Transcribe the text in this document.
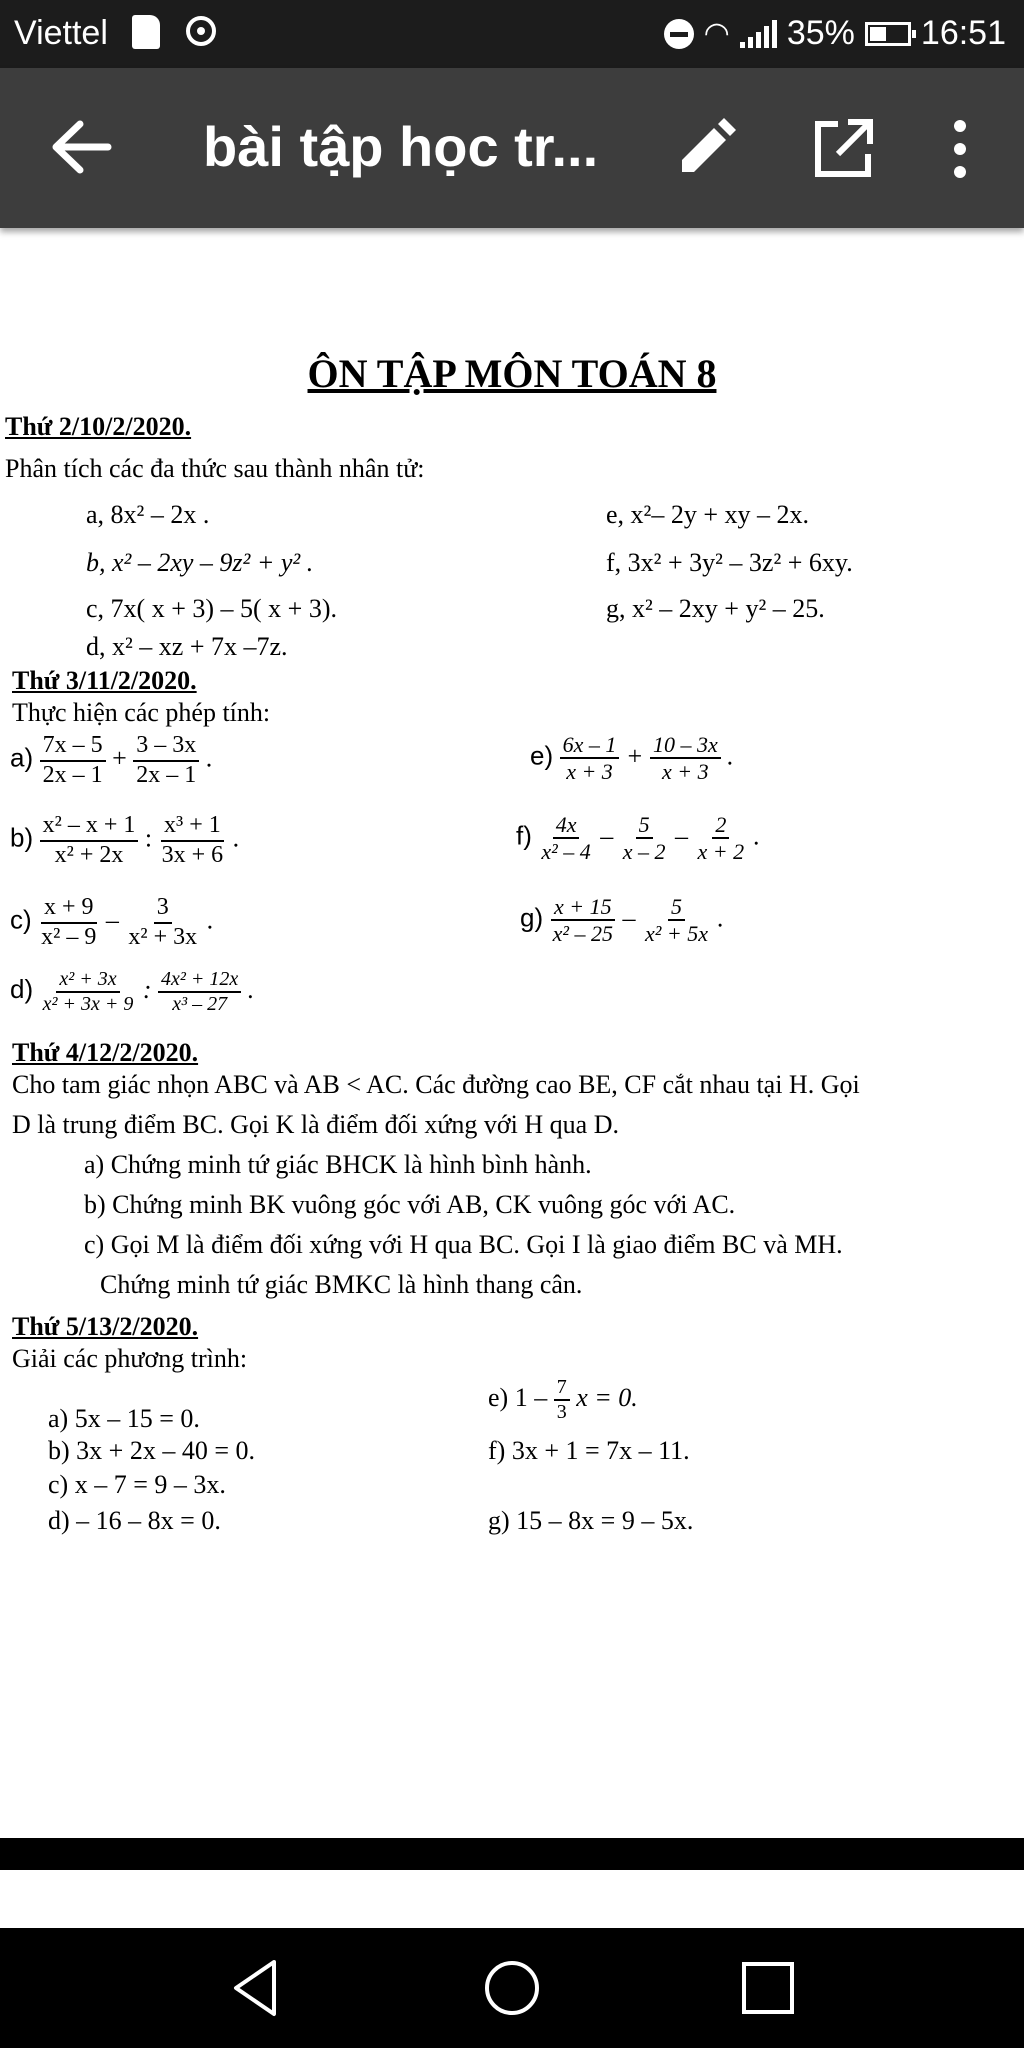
Viettel	◠ 35% 16:51
bài tập học tr...
ÔN TẬP MÔN TOÁN 8
Thứ 2/10/2/2020.
Phân tích các đa thức sau thành nhân tử:
a, 8x² – 2x .
b, x² – 2xy – 9z² + y² .
c, 7x( x + 3) – 5( x + 3).
d, x² – xz + 7x –7z.
e, x²– 2y + xy – 2x.
f, 3x² + 3y² – 3z² + 6xy.
g, x² – 2xy + y² – 25.
Thứ 3/11/2/2020.
Thực hiện các phép tính:
$a) \frac{7x - 5}{2x - 1} + \frac{3 - 3x}{2x - 1}$ .
$b) \frac{\text{x² – x + 1}}{\text{x² + 2x}}$ : $\frac{\text{x³ + 1}}{3x + 6}$ .
$c) \frac{x + 9}{\text{x² – 9}} - \frac{3}{\text{x² + 3x}}$ .
$d) \frac{\text{x² + 3x}}{\text{x² + 3x + 9}}$ : $\frac{\text{4x² + 12x}}{\text{x³ – 27}}$ .
$e) \frac{6x - 1}{x + 3} + \frac{10 - 3x}{x + 3}$ .
$f) \frac{4x}{\text{x² – 4}} - \frac{5}{x - 2} - \frac{2}{x + 2}$ .
$g) \frac{x + 15}{\text{x² – 25}} - \frac{5}{\text{x² + 5x}}$ .
Thứ 4/12/2/2020.
Cho tam giác nhọn ABC và AB < AC. Các đường cao BE, CF cắt nhau tại H. Gọi
D là trung điểm BC. Gọi K là điểm đối xứng với H qua D.
a) Chứng minh tứ giác BHCK là hình bình hành.
b) Chứng minh BK vuông góc với AB, CK vuông góc với AC.
c) Gọi M là điểm đối xứng với H qua BC. Gọi I là giao điểm BC và MH.
Chứng minh tứ giác BMKC là hình thang cân.
Thứ 5/13/2/2020.
Giải các phương trình:
a) 5x – 15 = 0.
b) 3x + 2x – 40 = 0.
c) x – 7 = 9 – 3x.
d) – 16 – 8x = 0.
e) $1 - \frac{7}{3}$ x = 0.
f) 3x + 1 = 7x – 11.
g) 15 – 8x = 9 – 5x.
